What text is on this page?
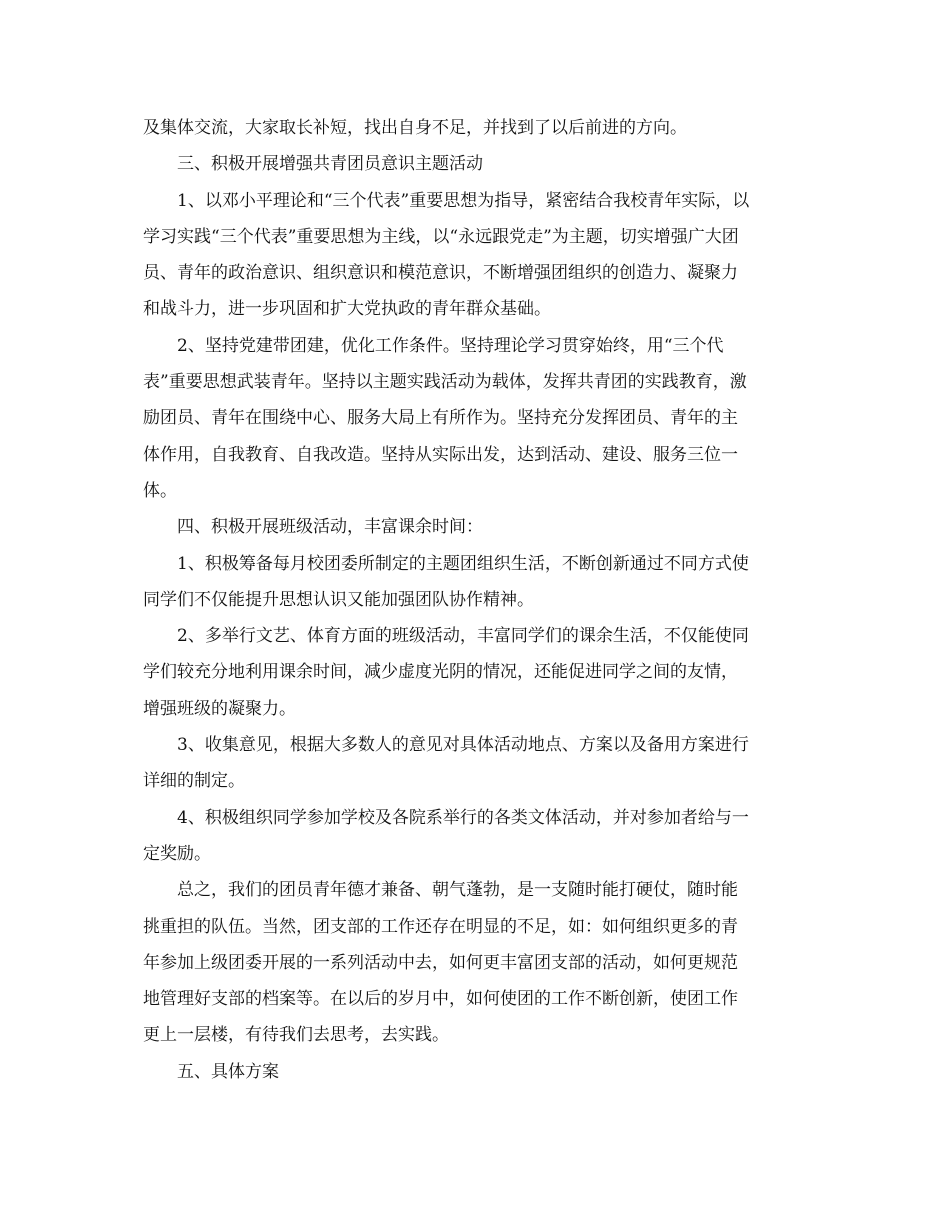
及集体交流，大家取长补短，找出自身不足，并找到了以后前进的方向。
三、积极开展增强共青团员意识主题活动
1、以邓小平理论和“三个代表”重要思想为指导，紧密结合我校青年实际，以
学习实践“三个代表”重要思想为主线，以“永远跟党走”为主题，切实增强广大团
员、青年的政治意识、组织意识和模范意识，不断增强团组织的创造力、凝聚力
和战斗力，进一步巩固和扩大党执政的青年群众基础。
2、坚持党建带团建，优化工作条件。坚持理论学习贯穿始终，用“三个代
表”重要思想武装青年。坚持以主题实践活动为载体，发挥共青团的实践教育，激
励团员、青年在围绕中心、服务大局上有所作为。坚持充分发挥团员、青年的主
体作用，自我教育、自我改造。坚持从实际出发，达到活动、建设、服务三位一
体。
四、积极开展班级活动，丰富课余时间：
1、积极筹备每月校团委所制定的主题团组织生活，不断创新通过不同方式使
同学们不仅能提升思想认识又能加强团队协作精神。
2、多举行文艺、体育方面的班级活动，丰富同学们的课余生活，不仅能使同
学们较充分地利用课余时间，减少虚度光阴的情况，还能促进同学之间的友情，
增强班级的凝聚力。
3、收集意见，根据大多数人的意见对具体活动地点、方案以及备用方案进行
详细的制定。
4、积极组织同学参加学校及各院系举行的各类文体活动，并对参加者给与一
定奖励。
总之，我们的团员青年德才兼备、朝气蓬勃，是一支随时能打硬仗，随时能
挑重担的队伍。当然，团支部的工作还存在明显的不足，如：如何组织更多的青
年参加上级团委开展的一系列活动中去，如何更丰富团支部的活动，如何更规范
地管理好支部的档案等。在以后的岁月中，如何使团的工作不断创新，使团工作
更上一层楼，有待我们去思考，去实践。
五、具体方案
